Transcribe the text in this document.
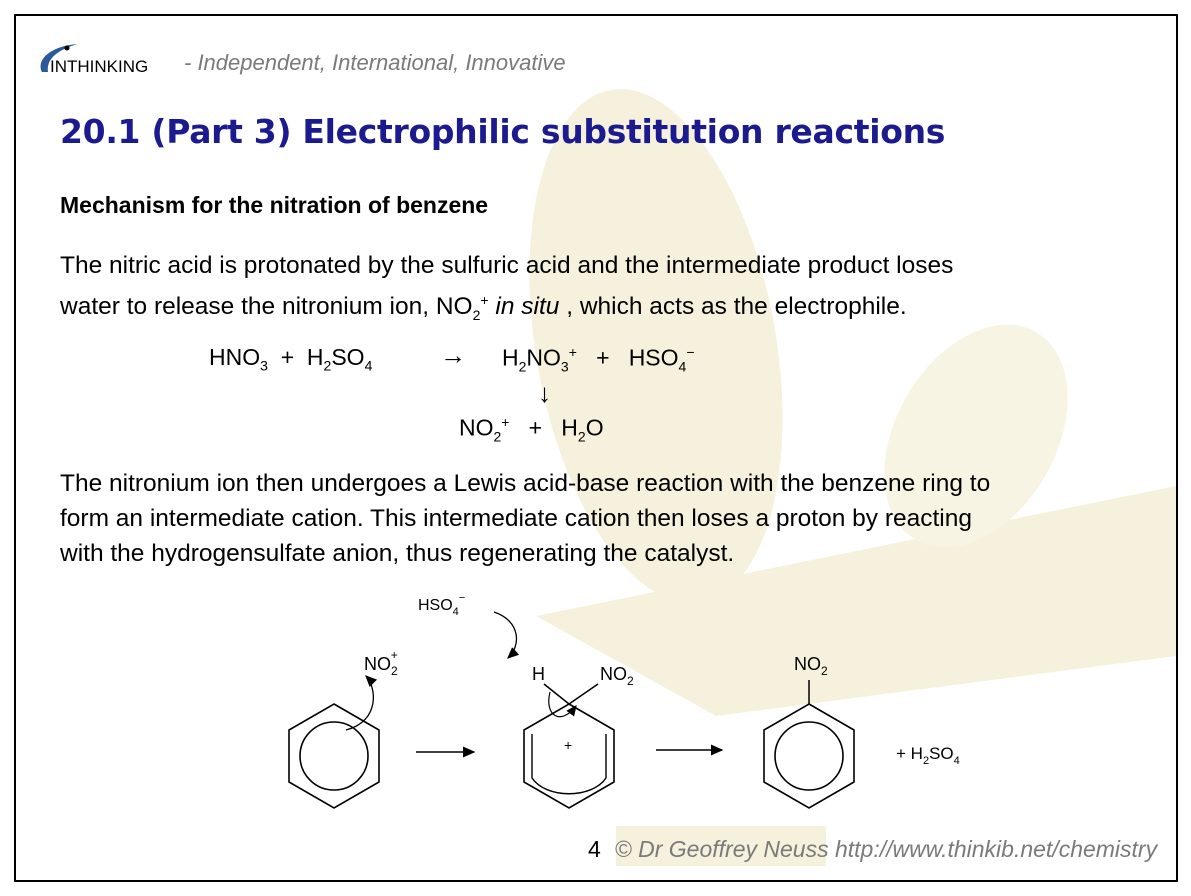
INTHINKING - Independent, International, Innovative
20.1 (Part 3) Electrophilic substitution reactions
Mechanism for the nitration of benzene
The nitric acid is protonated by the sulfuric acid and the intermediate product loses
water to release the nitronium ion, $NO_2^+$ in situ , which acts as the electrophile.
$HNO_3 + H_2SO_4$	→ $H_2NO_3^+ + HSO_4^-$
↓
$NO_2^+ + H_2O$
The nitronium ion then undergoes a Lewis acid-base reaction with the benzene ring to
form an intermediate cation. This intermediate cation then loses a proton by reacting
with the hydrogensulfate anion, thus regenerating the catalyst.
$NO_2+$
H	$NO_2$
+
$HSO_4^-$
$NO_2$
+ $H_2SO_4$
4 © Dr Geoffrey Neuss http://www.thinkib.net/chemistry
